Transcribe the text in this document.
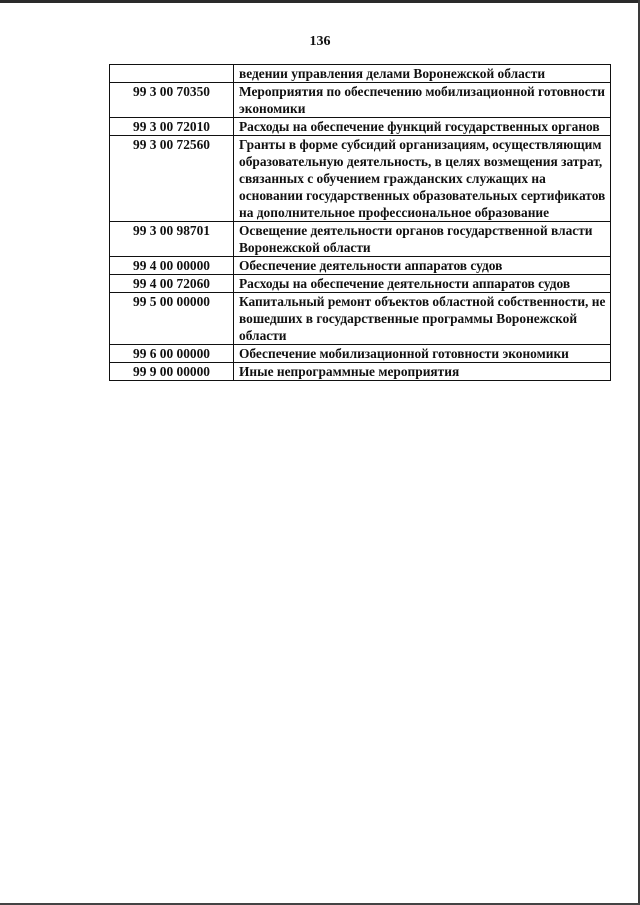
136
	ведении управления делами Воронежской области
99 3 00 70350	Мероприятия по обеспечению мобилизационной готовности экономики
99 3 00 72010	Расходы на обеспечение функций государственных органов
99 3 00 72560	Гранты в форме субсидий организациям, осуществляющим образовательную деятельность, в целях возмещения затрат, связанных с обучением гражданских служащих на основании государственных образовательных сертификатов на дополнительное профессиональное образование
99 3 00 98701	Освещение деятельности органов государственной власти Воронежской области
99 4 00 00000	Обеспечение деятельности аппаратов судов
99 4 00 72060	Расходы на обеспечение деятельности аппаратов судов
99 5 00 00000	Капитальный ремонт объектов областной собственности, не вошедших в государственные программы Воронежской области
99 6 00 00000	Обеспечение мобилизационной готовности экономики
99 9 00 00000	Иные непрограммные мероприятия
